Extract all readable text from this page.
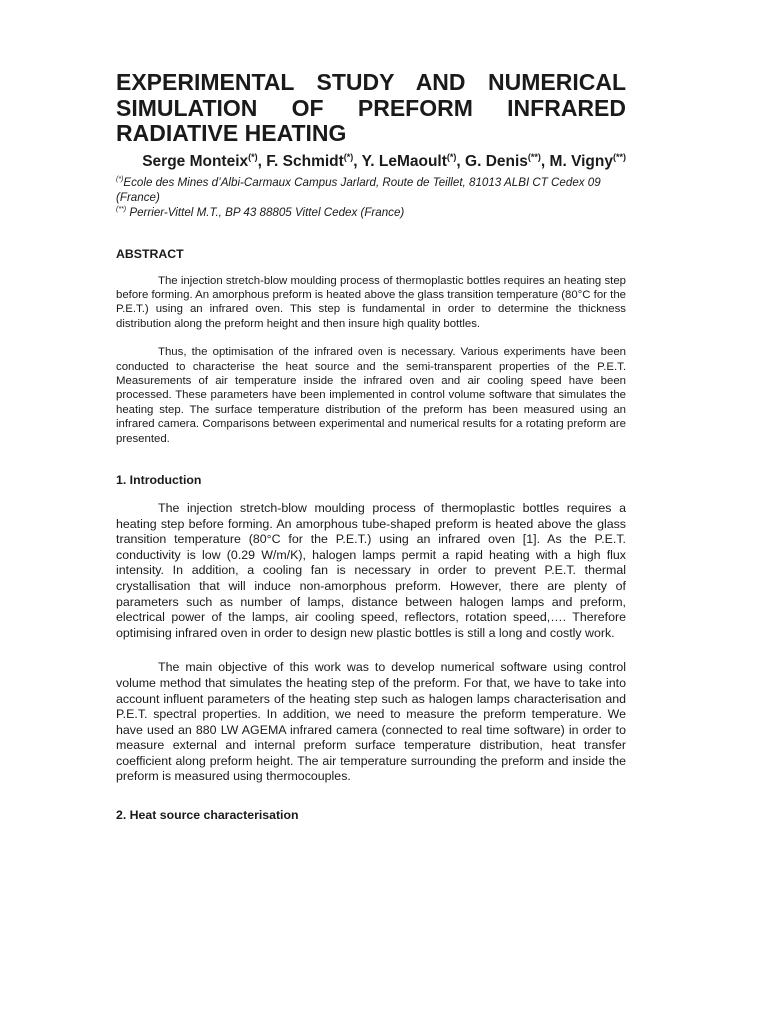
EXPERIMENTAL STUDY AND NUMERICAL SIMULATION OF PREFORM INFRARED RADIATIVE HEATING
Serge Monteix(*), F. Schmidt(*), Y. LeMaoult(*), G. Denis(**), M. Vigny(**)

(*)Ecole des Mines d’Albi-Carmaux Campus Jarlard, Route de Teillet, 81013 ALBI CT Cedex 09 (France)

(**) Perrier-Vittel M.T., BP 43 88805 Vittel Cedex (France)

ABSTRACT

The injection stretch-blow moulding process of thermoplastic bottles requires an heating step before forming. An amorphous preform is heated above the glass transition temperature (80°C for the P.E.T.) using an infrared oven. This step is fundamental in order to determine the thickness distribution along the preform height and then insure high quality bottles.

Thus, the optimisation of the infrared oven is necessary. Various experiments have been conducted to characterise the heat source and the semi-transparent properties of the P.E.T. Measurements of air temperature inside the infrared oven and air cooling speed have been processed. These parameters have been implemented in control volume software that simulates the heating step. The surface temperature distribution of the preform has been measured using an infrared camera. Comparisons between experimental and numerical results for a rotating preform are presented.

1. Introduction

The injection stretch-blow moulding process of thermoplastic bottles requires a heating step before forming. An amorphous tube-shaped preform is heated above the glass transition temperature (80°C for the P.E.T.) using an infrared oven [1]. As the P.E.T. conductivity is low (0.29 W/m/K), halogen lamps permit a rapid heating with a high flux intensity. In addition, a cooling fan is necessary in order to prevent P.E.T. thermal crystallisation that will induce non-amorphous preform. However, there are plenty of parameters such as number of lamps, distance between halogen lamps and preform, electrical power of the lamps, air cooling speed, reflectors, rotation speed,…. Therefore optimising infrared oven in order to design new plastic bottles is still a long and costly work.

The main objective of this work was to develop numerical software using control volume method that simulates the heating step of the preform. For that, we have to take into account influent parameters of the heating step such as halogen lamps characterisation and P.E.T. spectral properties. In addition, we need to measure the preform temperature. We have used an 880 LW AGEMA infrared camera (connected to real time software) in order to measure external and internal preform surface temperature distribution, heat transfer coefficient along preform height. The air temperature surrounding the preform and inside the preform is measured using thermocouples.

2. Heat source characterisation
